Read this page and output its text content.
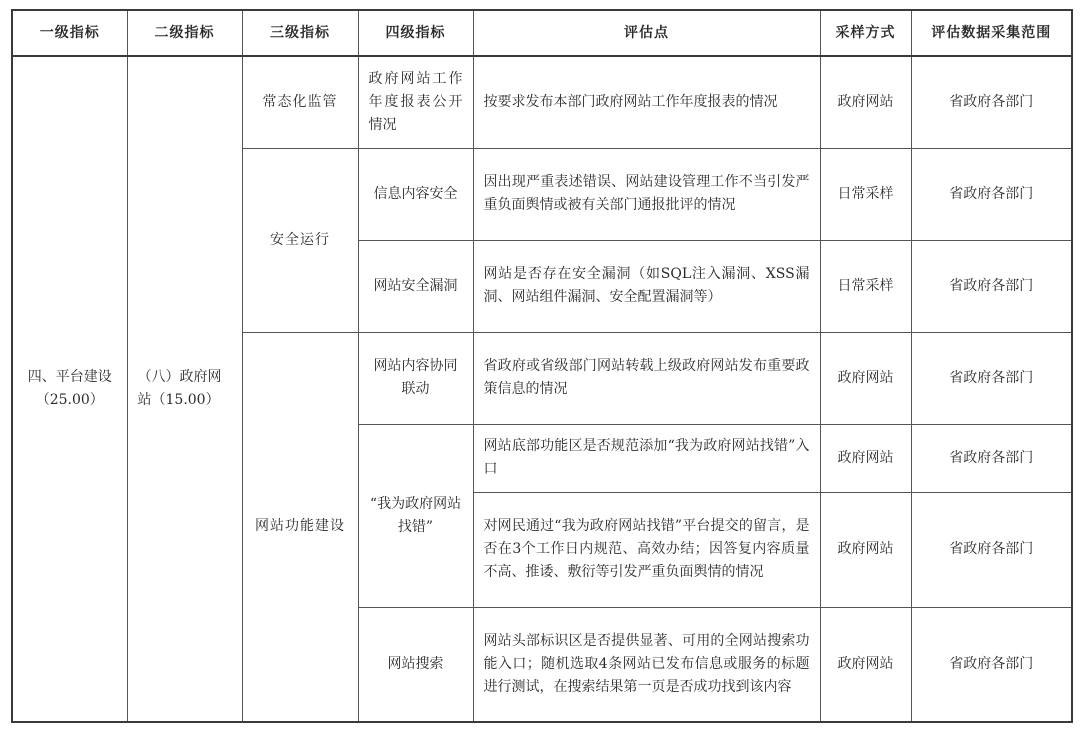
一级指标	二级指标	三级指标	四级指标	评估点	采样方式	评估数据采集范围
四、平台建设（25.00）	（八）政府网站（15.00）	常态化监管	政府网站工作年度报表公开情况	按要求发布本部门政府网站工作年度报表的情况	政府网站	省政府各部门
		安全运行	信息内容安全	因出现严重表述错误、网站建设管理工作不当引发严重负面舆情或被有关部门通报批评的情况	日常采样	省政府各部门
			网站安全漏洞	网站是否存在安全漏洞（如SQL注入漏洞、XSS漏洞、网站组件漏洞、安全配置漏洞等）	日常采样	省政府各部门
		网站功能建设	网站内容协同联动	省政府或省级部门网站转载上级政府网站发布重要政策信息的情况	政府网站	省政府各部门
			“我为政府网站找错”	网站底部功能区是否规范添加“我为政府网站找错”入口	政府网站	省政府各部门
				对网民通过“我为政府网站找错”平台提交的留言，是否在3个工作日内规范、高效办结；因答复内容质量不高、推诿、敷衍等引发严重负面舆情的情况	政府网站	省政府各部门
			网站搜索	网站头部标识区是否提供显著、可用的全网站搜索功能入口；随机选取4条网站已发布信息或服务的标题进行测试，在搜索结果第一页是否成功找到该内容	政府网站	省政府各部门
